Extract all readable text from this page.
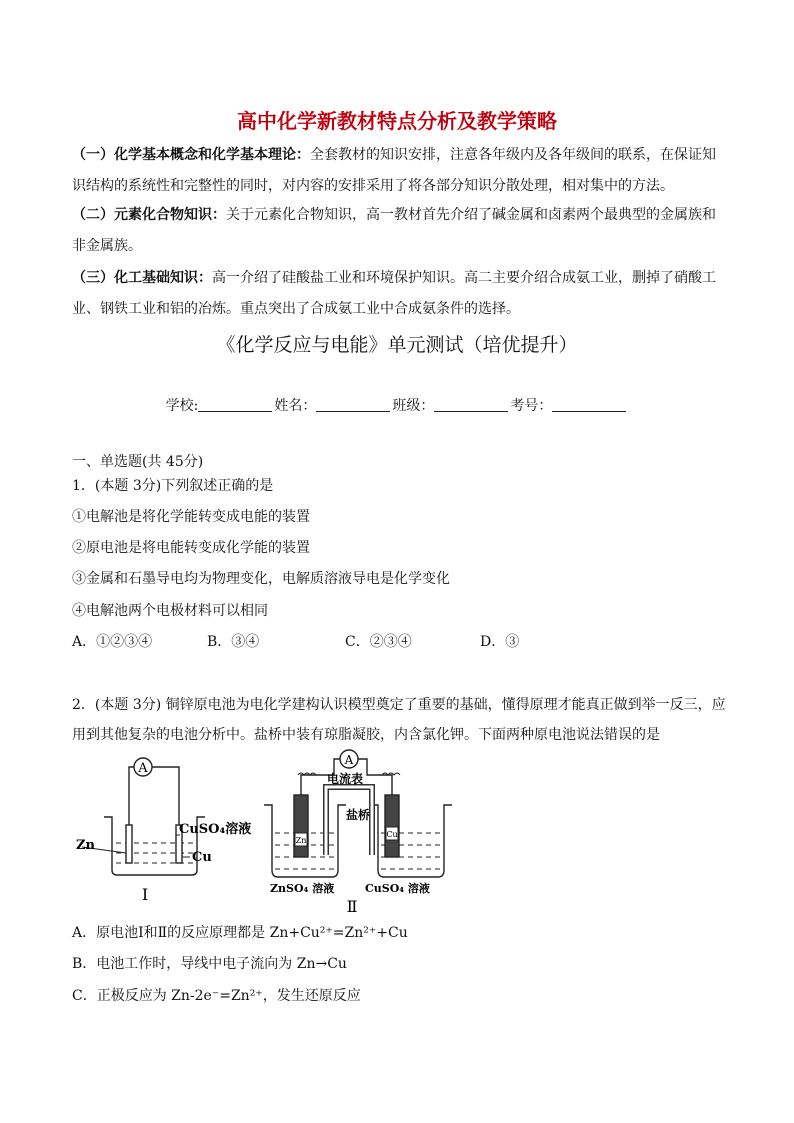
高中化学新教材特点分析及教学策略
（一）化学基本概念和化学基本理论：全套教材的知识安排，注意各年级内及各年级间的联系，在保证知识结构的系统性和完整性的同时，对内容的安排采用了将各部分知识分散处理，相对集中的方法。
（二）元素化合物知识：关于元素化合物知识，高一教材首先介绍了碱金属和卤素两个最典型的金属族和非金属族。
（三）化工基础知识：高一介绍了硅酸盐工业和环境保护知识。高二主要介绍合成氨工业，删掉了硝酸工业、钢铁工业和铝的冶炼。重点突出了合成氨工业中合成氨条件的选择。
《化学反应与电能》单元测试（培优提升）
学校:	姓名：	班级：	考号：
一、单选题(共 45分)
1．(本题 3分)下列叙述正确的是
①电解池是将化学能转变成电能的装置
②原电池是将电能转变成化学能的装置
③金属和石墨导电均为物理变化，电解质溶液导电是化学变化
④电解池两个电极材料可以相同
A．①②③④	B．③④	C．②③④	D．③
2．(本题 3分) 铜锌原电池为电化学建构认识模型奠定了重要的基础，懂得原理才能真正做到举一反三，应
用到其他复杂的电池分析中。盐桥中装有琼脂凝胶，内含氯化钾。下面两种原电池说法错误的是
A
Zn
CuSO₄溶液
Cu
Ⅰ
A
电流表
盐桥
Zn
Cu
ZnSO₄ 溶液	CuSO₄ 溶液
Ⅱ
A．原电池Ⅰ和Ⅱ的反应原理都是 Zn+Cu²⁺=Zn²⁺+Cu
B．电池工作时，导线中电子流向为 Zn→Cu
C．正极反应为 Zn-2e⁻=Zn²⁺，发生还原反应
